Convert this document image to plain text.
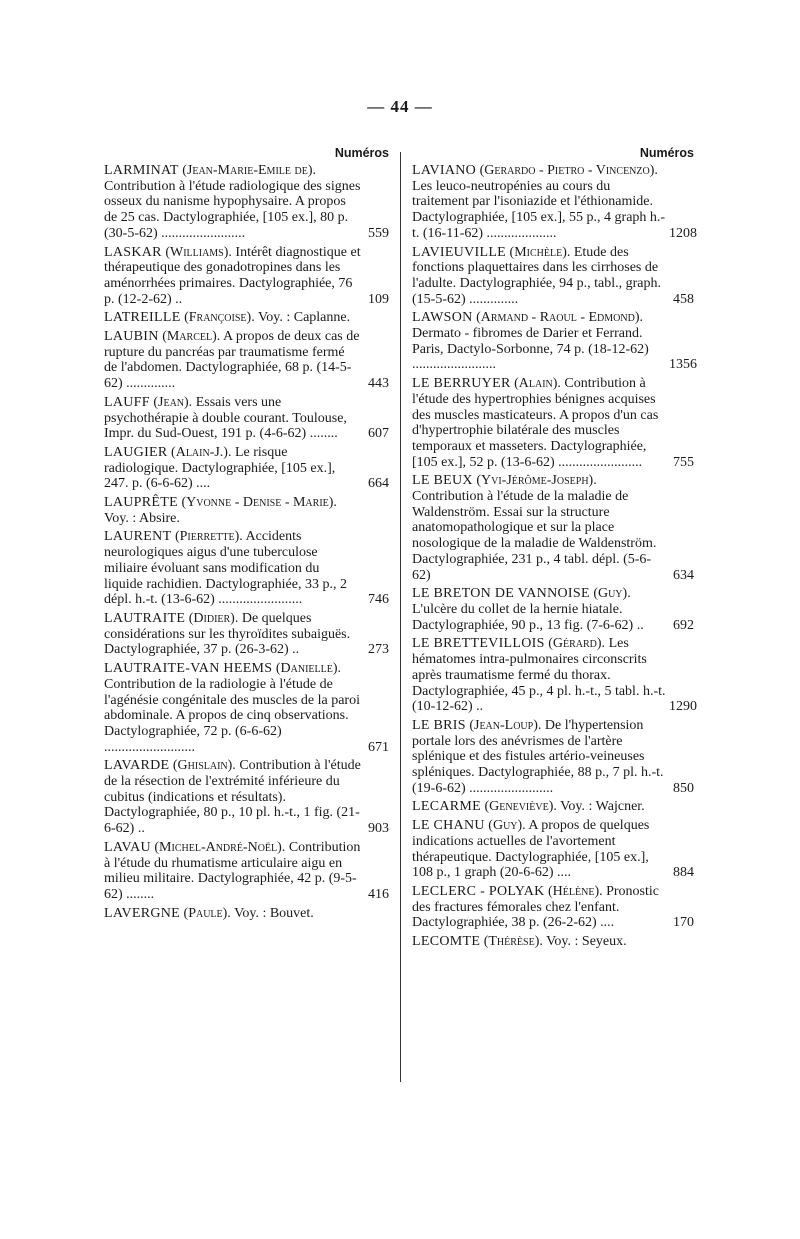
— 44 —
Numéros
LARMINAT (Jean-Marie-Emile de). Contribution à l'étude radiologique des signes osseux du nanisme hypophysaire. A propos de 25 cas. Dactylographiée, [105 ex.], 80 p. (30-5-62) ........................	559
LASKAR (Williams). Intérêt diagnostique et thérapeutique des gonadotropines dans les aménorrhées primaires. Dactylographiée, 76 p. (12-2-62) ..	109
LATREILLE (Françoise). Voy. : Caplanne.
LAUBIN (Marcel). A propos de deux cas de rupture du pancréas par traumatisme fermé de l'abdomen. Dactylographiée, 68 p. (14-5-62) ..............	443
LAUFF (Jean). Essais vers une psychothérapie à double courant. Toulouse, Impr. du Sud-Ouest, 191 p. (4-6-62) ........	607
LAUGIER (Alain-J.). Le risque radiologique. Dactylographiée, [105 ex.], 247. p. (6-6-62) ....	664
LAUPRÊTE (Yvonne - Denise - Marie). Voy. : Absire.
LAURENT (Pierrette). Accidents neurologiques aigus d'une tuberculose miliaire évoluant sans modification du liquide rachidien. Dactylographiée, 33 p., 2 dépl. h.-t. (13-6-62) ........................	746
LAUTRAITE (Didier). De quelques considérations sur les thyroïdites subaiguës. Dactylographiée, 37 p. (26-3-62) ..	273
LAUTRAITE-VAN HEEMS (Danielle). Contribution de la radiologie à l'étude de l'agénésie congénitale des muscles de la paroi abdominale. A propos de cinq observations. Dactylographiée, 72 p. (6-6-62) ..........................	671
LAVARDE (Ghislain). Contribution à l'étude de la résection de l'extrémité inférieure du cubitus (indications et résultats). Dactylographiée, 80 p., 10 pl. h.-t., 1 fig. (21-6-62) ..	903
LAVAU (Michel-André-Noël). Contribution à l'étude du rhumatisme articulaire aigu en milieu militaire. Dactylographiée, 42 p. (9-5-62) ........	416
LAVERGNE (Paule). Voy. : Bouvet.
Numéros
LAVIANO (Gerardo - Pietro - Vincenzo). Les leuco-neutropénies au cours du traitement par l'isoniazide et l'éthionamide. Dactylographiée, [105 ex.], 55 p., 4 graph h.-t. (16-11-62) ....................	1208
LAVIEUVILLE (Michèle). Etude des fonctions plaquettaires dans les cirrhoses de l'adulte. Dactylographiée, 94 p., tabl., graph. (15-5-62) ..............	458
LAWSON (Armand - Raoul - Edmond). Dermato - fibromes de Darier et Ferrand. Paris, Dactylo-Sorbonne, 74 p. (18-12-62) ........................	1356
LE BERRUYER (Alain). Contribution à l'étude des hypertrophies bénignes acquises des muscles masticateurs. A propos d'un cas d'hypertrophie bilatérale des muscles temporaux et masseters. Dactylographiée, [105 ex.], 52 p. (13-6-62) ........................	755
LE BEUX (Yvi-Jérôme-Joseph). Contribution à l'étude de la maladie de Waldenström. Essai sur la structure anatomopathologique et sur la place nosologique de la maladie de Waldenström. Dactylographiée, 231 p., 4 tabl. dépl. (5-6-62)	634
LE BRETON DE VANNOISE (Guy). L'ulcère du collet de la hernie hiatale. Dactylographiée, 90 p., 13 fig. (7-6-62) ..	692
LE BRETTEVILLOIS (Gérard). Les hématomes intra-pulmonaires circonscrits après traumatisme fermé du thorax. Dactylographiée, 45 p., 4 pl. h.-t., 5 tabl. h.-t. (10-12-62) ..	1290
LE BRIS (Jean-Loup). De l'hypertension portale lors des anévrismes de l'artère splénique et des fistules artério-veineuses spléniques. Dactylographiée, 88 p., 7 pl. h.-t. (19-6-62) ........................	850
LECARME (Geneviève). Voy. : Wajcner.
LE CHANU (Guy). A propos de quelques indications actuelles de l'avortement thérapeutique. Dactylographiée, [105 ex.], 108 p., 1 graph (20-6-62) ....	884
LECLERC - POLYAK (Hélène). Pronostic des fractures fémorales chez l'enfant. Dactylographiée, 38 p. (26-2-62) ....	170
LECOMTE (Thérèse). Voy. : Seyeux.
